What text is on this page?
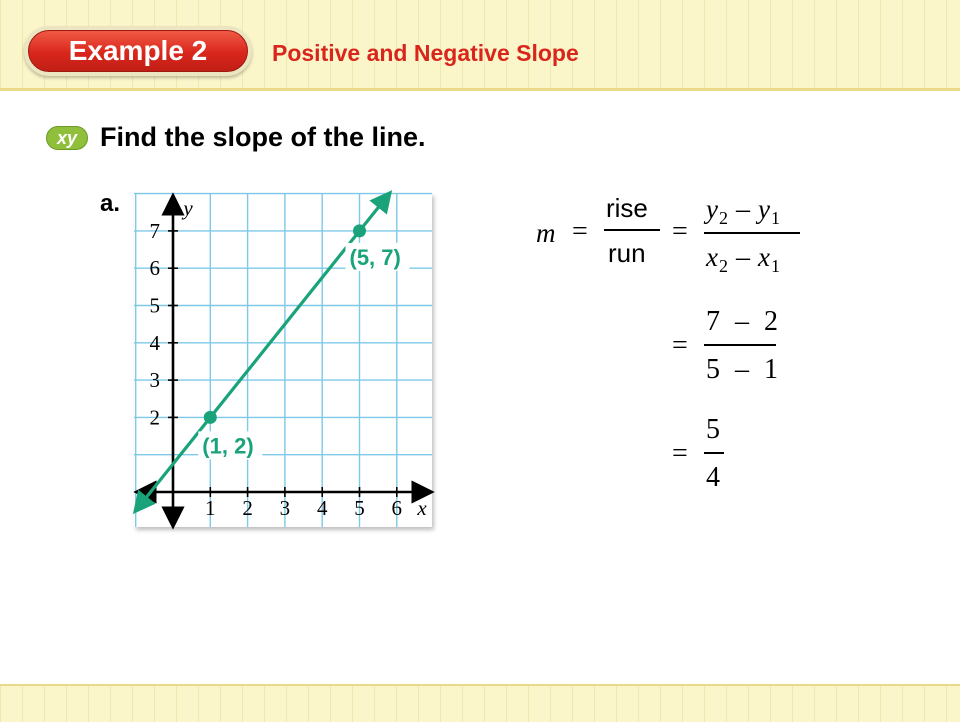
Example 2	Positive and Negative Slope
xy Find the slope of the line.
a.
1 2 3 4 5 6
2
3
4
5
6
7
x
y
(1, 2)
(5, 7)
m =
rise
run
=
y2 – y1
x2 – x1
=
7 – 2
5 – 1
=
5
4
